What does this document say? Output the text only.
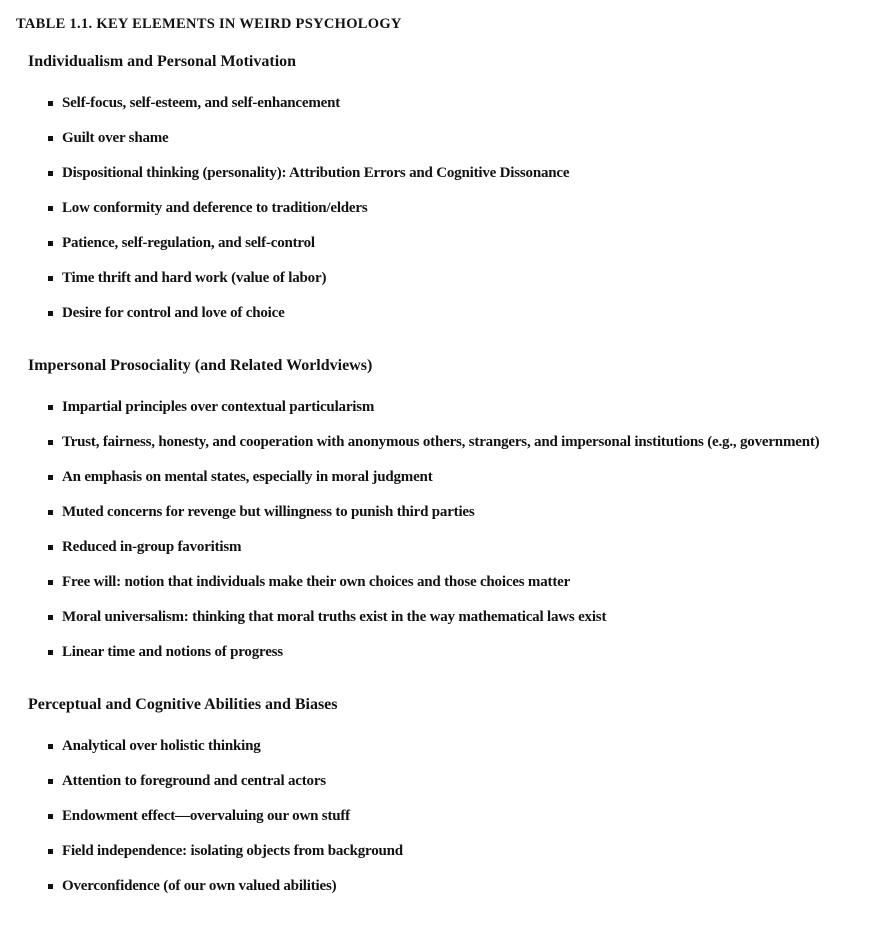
TABLE 1.1. KEY ELEMENTS IN WEIRD PSYCHOLOGY
Individualism and Personal Motivation
Self-focus, self-esteem, and self-enhancement
Guilt over shame
Dispositional thinking (personality): Attribution Errors and Cognitive Dissonance
Low conformity and deference to tradition/elders
Patience, self-regulation, and self-control
Time thrift and hard work (value of labor)
Desire for control and love of choice
Impersonal Prosociality (and Related Worldviews)
Impartial principles over contextual particularism
Trust, fairness, honesty, and cooperation with anonymous others, strangers, and impersonal institutions (e.g., government)
An emphasis on mental states, especially in moral judgment
Muted concerns for revenge but willingness to punish third parties
Reduced in-group favoritism
Free will: notion that individuals make their own choices and those choices matter
Moral universalism: thinking that moral truths exist in the way mathematical laws exist
Linear time and notions of progress
Perceptual and Cognitive Abilities and Biases
Analytical over holistic thinking
Attention to foreground and central actors
Endowment effect—overvaluing our own stuff
Field independence: isolating objects from background
Overconfidence (of our own valued abilities)
